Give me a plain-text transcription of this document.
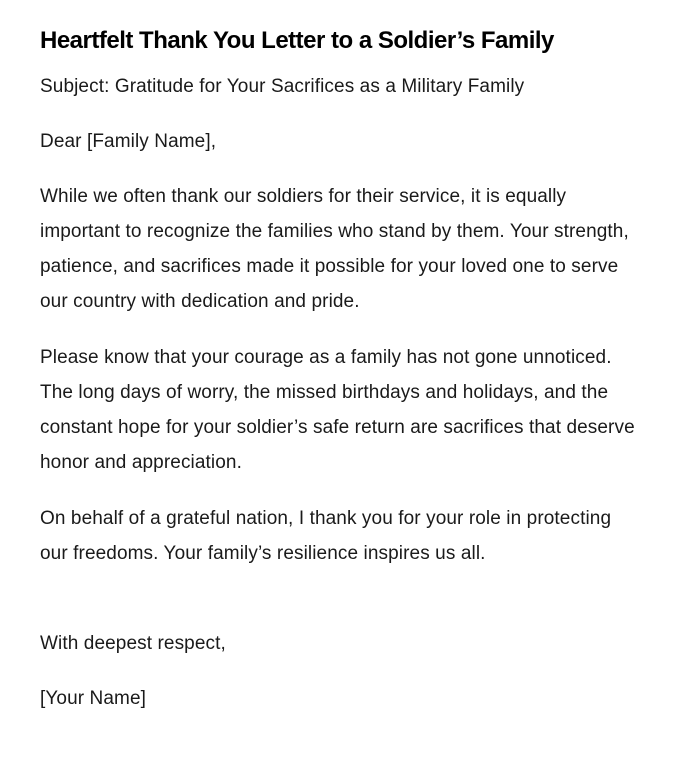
Heartfelt Thank You Letter to a Soldier’s Family

Subject: Gratitude for Your Sacrifices as a Military Family

Dear [Family Name],

While we often thank our soldiers for their service, it is equally important to recognize the families who stand by them. Your strength, patience, and sacrifices made it possible for your loved one to serve our country with dedication and pride.

Please know that your courage as a family has not gone unnoticed. The long days of worry, the missed birthdays and holidays, and the constant hope for your soldier’s safe return are sacrifices that deserve honor and appreciation.

On behalf of a grateful nation, I thank you for your role in protecting our freedoms. Your family’s resilience inspires us all.

With deepest respect,

[Your Name]
